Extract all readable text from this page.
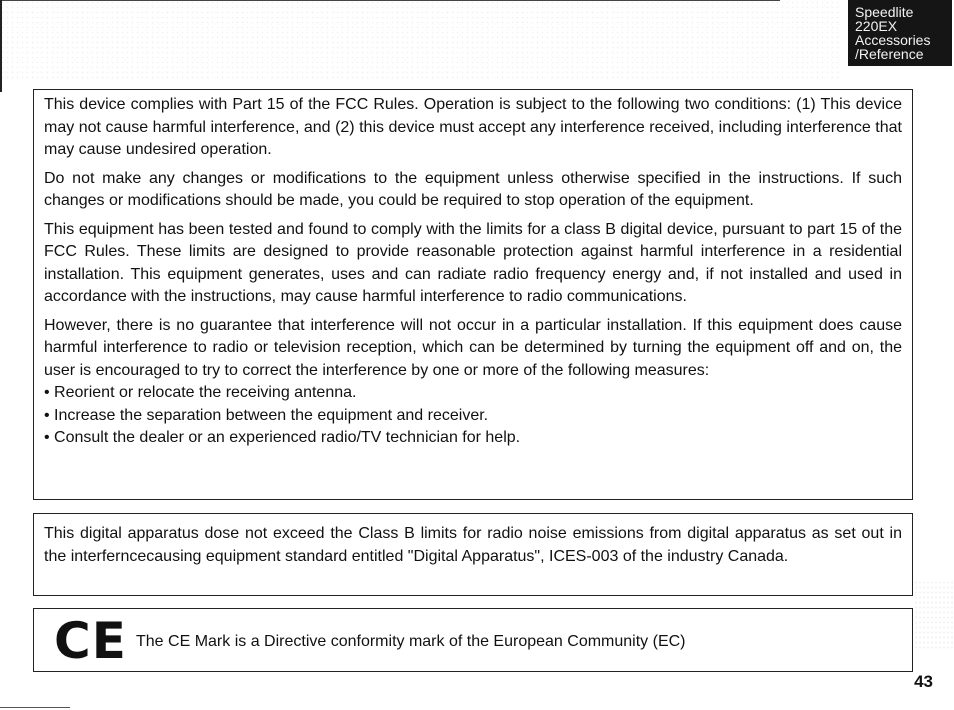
Speedlite
220EX
Accessories
/Reference

This device complies with Part 15 of the FCC Rules. Operation is subject to the following two conditions: (1) This device may not cause harmful interference, and (2) this device must accept any interference received, including interference that may cause undesired operation.

Do not make any changes or modifications to the equipment unless otherwise specified in the instructions. If such changes or modifications should be made, you could be required to stop operation of the equipment.

This equipment has been tested and found to comply with the limits for a class B digital device, pursuant to part 15 of the FCC Rules. These limits are designed to provide reasonable protection against harmful interference in a residential installation. This equipment generates, uses and can radiate radio frequency energy and, if not installed and used in accordance with the instructions, may cause harmful interference to radio communications.

However, there is no guarantee that interference will not occur in a particular installation. If this equipment does cause harmful interference to radio or television reception, which can be determined by turning the equipment off and on, the user is encouraged to try to correct the interference by one or more of the following measures:

• Reorient or relocate the receiving antenna.
• Increase the separation between the equipment and receiver.
• Consult the dealer or an experienced radio/TV technician for help.

This digital apparatus dose not exceed the Class B limits for radio noise emissions from digital apparatus as set out in the interferncecausing equipment standard entitled "Digital Apparatus", ICES-003 of the industry Canada.

CE The CE Mark is a Directive conformity mark of the European Community (EC)
43
